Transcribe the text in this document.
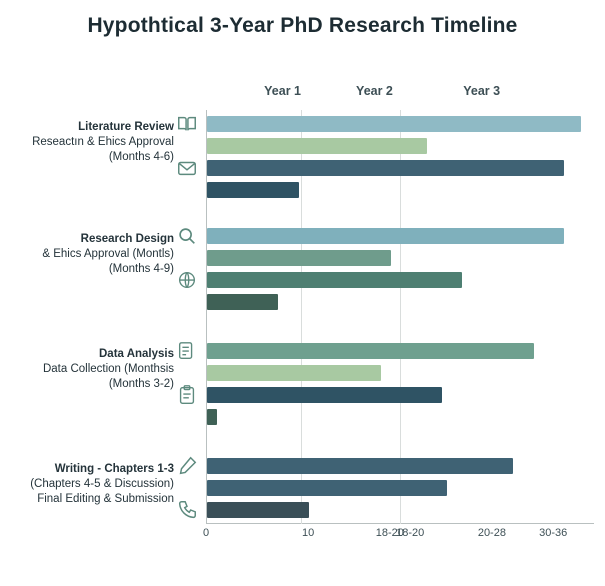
Hypothtical 3-Year PhD Research Timeline
Year 1	Year 2	Year 3
0	10	18-20
18-20	20-28	30-36
Literature Review
Reseactın & Ehics Approval
(Months 4-6)
Research Design
& Ehics Approval (Montls)
(Months 4-9)
Data Analysis
Data Collection (Monthsis
(Months 3-2)
Writing - Chapters 1-3
(Chapters 4-5 & Discussion)
Final Editing & Submission
